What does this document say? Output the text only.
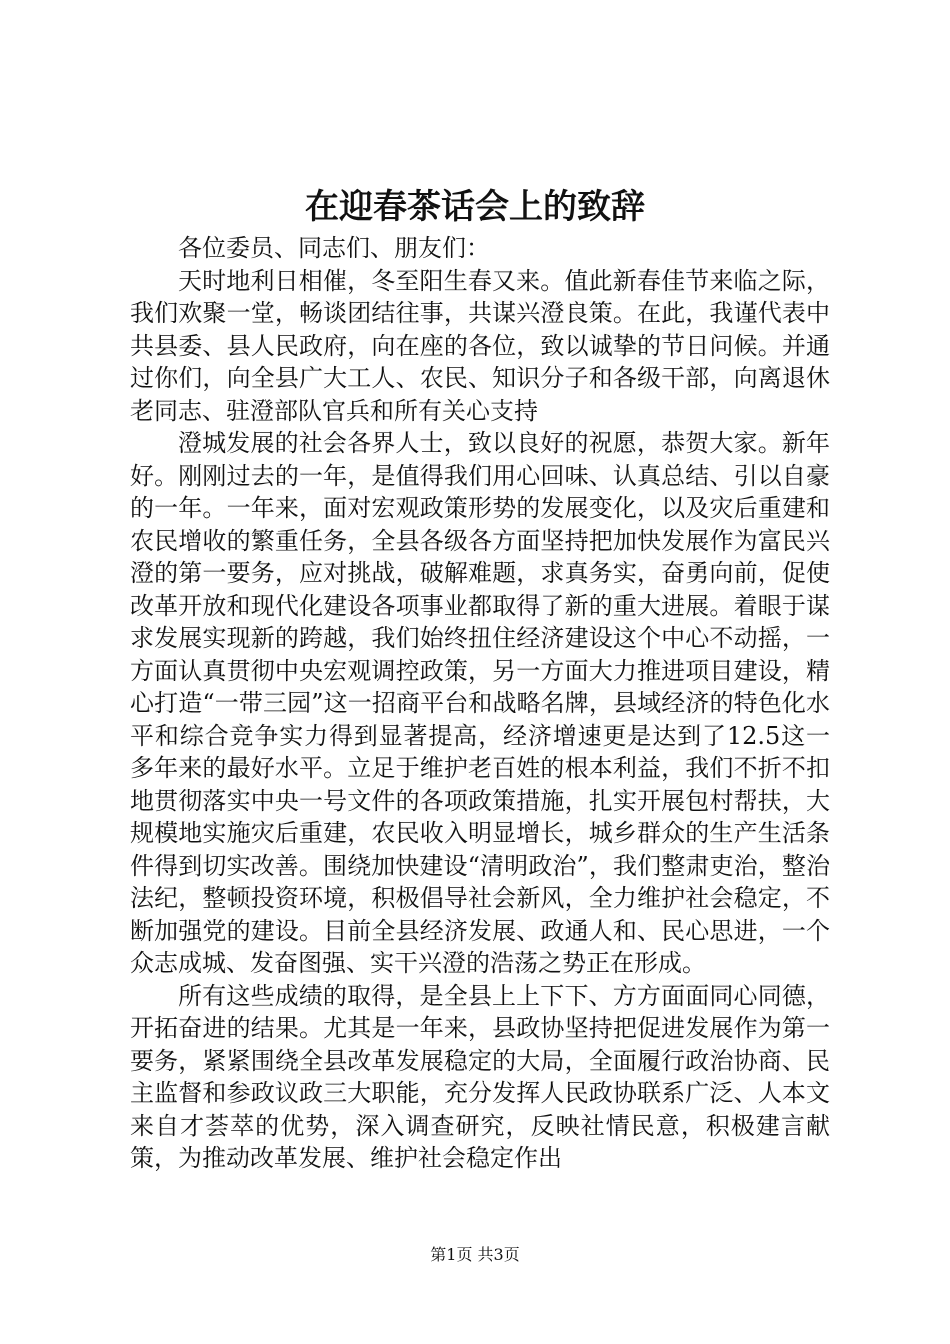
在迎春茶话会上的致辞

各位委员、同志们、朋友们：

天时地利日相催，冬至阳生春又来。值此新春佳节来临之际，我们欢聚一堂，畅谈团结往事，共谋兴澄良策。在此，我谨代表中共县委、县人民政府，向在座的各位，致以诚挚的节日问候。并通过你们，向全县广大工人、农民、知识分子和各级干部，向离退休老同志、驻澄部队官兵和所有关心支持

澄城发展的社会各界人士，致以良好的祝愿，恭贺大家。新年好。刚刚过去的一年，是值得我们用心回味、认真总结、引以自豪的一年。一年来，面对宏观政策形势的发展变化，以及灾后重建和农民增收的繁重任务，全县各级各方面坚持把加快发展作为富民兴澄的第一要务，应对挑战，破解难题，求真务实，奋勇向前，促使改革开放和现代化建设各项事业都取得了新的重大进展。着眼于谋求发展实现新的跨越，我们始终扭住经济建设这个中心不动摇，一方面认真贯彻中央宏观调控政策，另一方面大力推进项目建设，精心打造“一带三园”这一招商平台和战略名牌，县域经济的特色化水平和综合竞争实力得到显著提高，经济增速更是达到了12.5这一多年来的最好水平。立足于维护老百姓的根本利益，我们不折不扣地贯彻落实中央一号文件的各项政策措施，扎实开展包村帮扶，大规模地实施灾后重建，农民收入明显增长，城乡群众的生产生活条件得到切实改善。围绕加快建设“清明政治”，我们整肃吏治，整治法纪，整顿投资环境，积极倡导社会新风，全力维护社会稳定，不断加强党的建设。目前全县经济发展、政通人和、民心思进，一个众志成城、发奋图强、实干兴澄的浩荡之势正在形成。

所有这些成绩的取得，是全县上上下下、方方面面同心同德，开拓奋进的结果。尤其是一年来，县政协坚持把促进发展作为第一要务，紧紧围绕全县改革发展稳定的大局，全面履行政治协商、民主监督和参政议政三大职能，充分发挥人民政协联系广泛、人本文来自才荟萃的优势，深入调查研究，反映社情民意，积极建言献策，为推动改革发展、维护社会稳定作出

第1页 共3页
